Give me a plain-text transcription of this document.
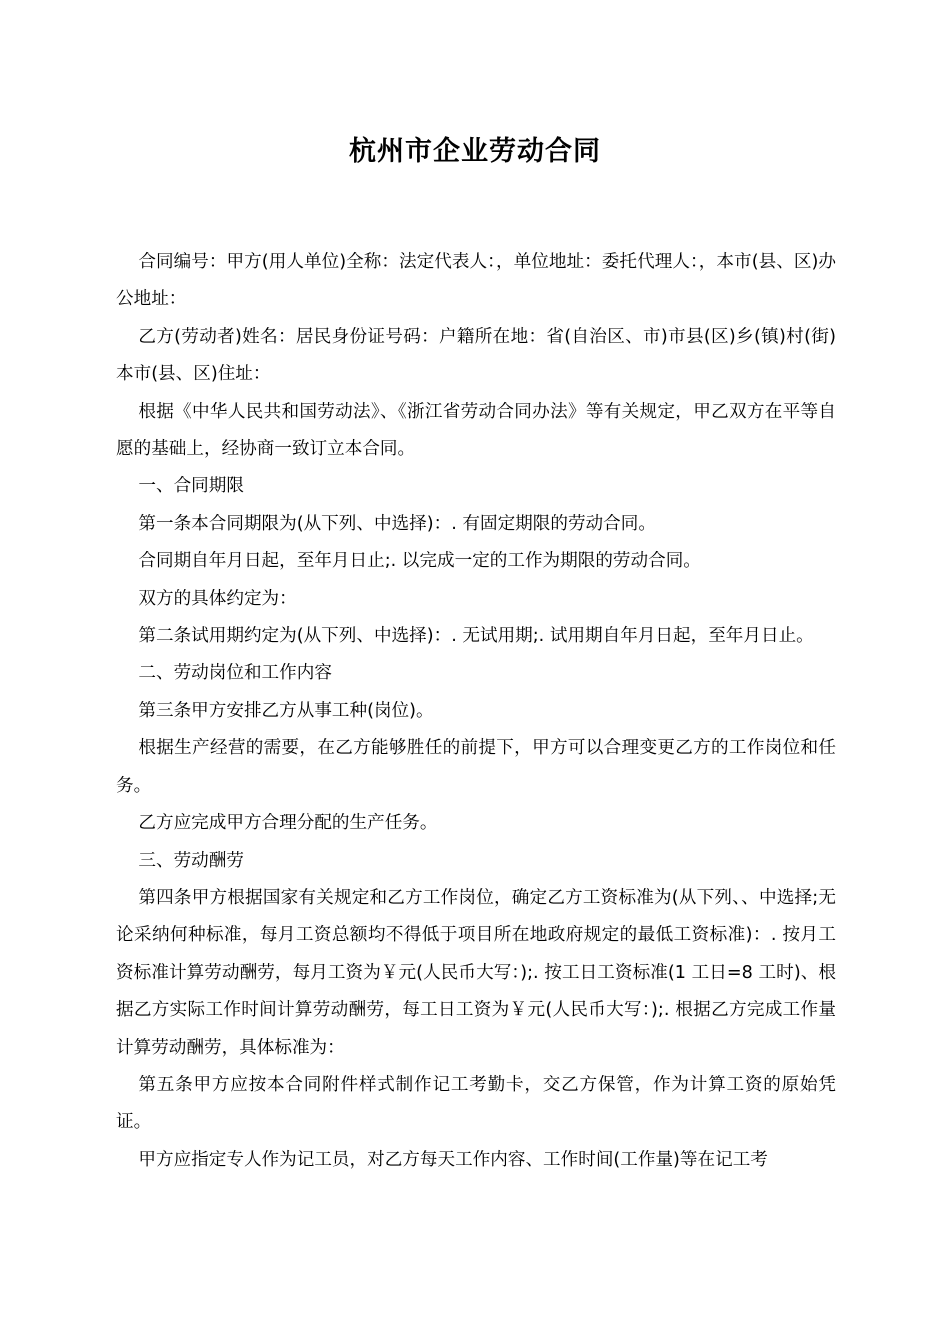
杭州市企业劳动合同

合同编号：甲方(用人单位)全称：法定代表人：，单位地址：委托代理人：，本市(县、区)办公地址：

乙方(劳动者)姓名：居民身份证号码：户籍所在地：省(自治区、市)市县(区)乡(镇)村(街)本市(县、区)住址：

根据《中华人民共和国劳动法》、《浙江省劳动合同办法》等有关规定，甲乙双方在平等自愿的基础上，经协商一致订立本合同。

一、合同期限

第一条本合同期限为(从下列、中选择)：. 有固定期限的劳动合同。

合同期自年月日起，至年月日止;. 以完成一定的工作为期限的劳动合同。

双方的具体约定为：

第二条试用期约定为(从下列、中选择)：. 无试用期;. 试用期自年月日起，至年月日止。

二、劳动岗位和工作内容

第三条甲方安排乙方从事工种(岗位)。

根据生产经营的需要，在乙方能够胜任的前提下，甲方可以合理变更乙方的工作岗位和任务。

乙方应完成甲方合理分配的生产任务。

三、劳动酬劳

第四条甲方根据国家有关规定和乙方工作岗位，确定乙方工资标准为(从下列、、中选择;无论采纳何种标准，每月工资总额均不得低于项目所在地政府规定的最低工资标准)：. 按月工资标准计算劳动酬劳，每月工资为￥元(人民币大写：);. 按工日工资标准(1 工日=8 工时)、根据乙方实际工作时间计算劳动酬劳，每工日工资为￥元(人民币大写：);. 根据乙方完成工作量计算劳动酬劳，具体标准为：

第五条甲方应按本合同附件样式制作记工考勤卡，交乙方保管，作为计算工资的原始凭证。

甲方应指定专人作为记工员，对乙方每天工作内容、工作时间(工作量)等在记工考
